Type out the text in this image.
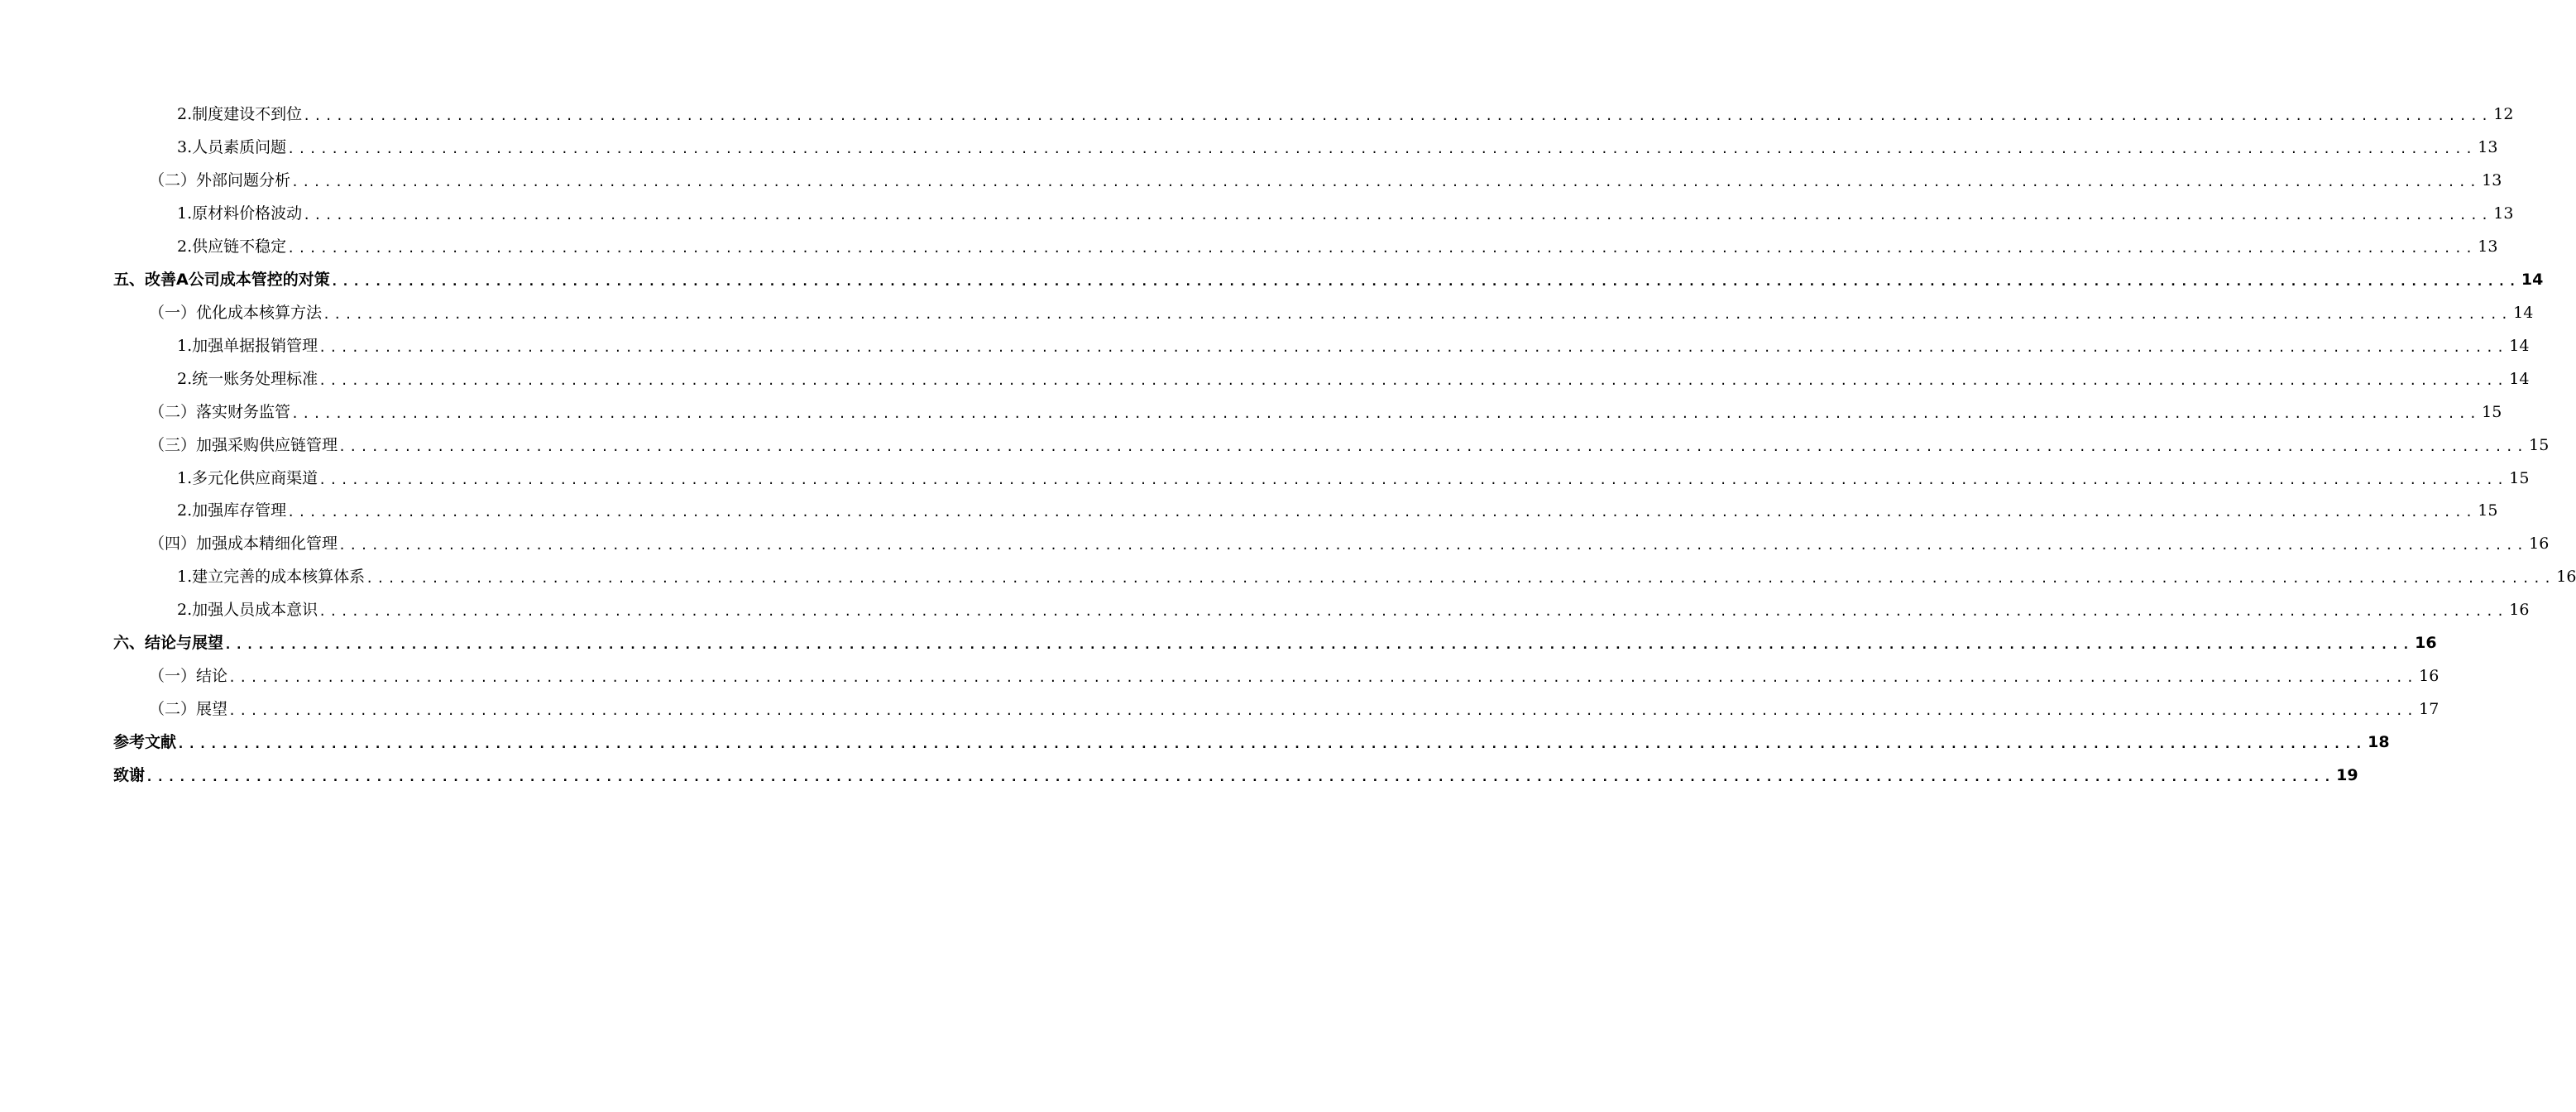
2.制度建设不到位 ........................................................................................................................................................................................................ 12
3.人员素质问题 ........................................................................................................................................................................................................ 13
（二）外部问题分析 ........................................................................................................................................................................................................ 13
1.原材料价格波动 ........................................................................................................................................................................................................ 13
2.供应链不稳定 ........................................................................................................................................................................................................ 13
五、改善A公司成本管控的对策 ........................................................................................................................................................................................................ 14
（一）优化成本核算方法 ........................................................................................................................................................................................................ 14
1.加强单据报销管理 ........................................................................................................................................................................................................ 14
2.统一账务处理标准 ........................................................................................................................................................................................................ 14
（二）落实财务监管 ........................................................................................................................................................................................................ 15
（三）加强采购供应链管理 ........................................................................................................................................................................................................ 15
1.多元化供应商渠道 ........................................................................................................................................................................................................ 15
2.加强库存管理 ........................................................................................................................................................................................................ 15
（四）加强成本精细化管理 ........................................................................................................................................................................................................ 16
1.建立完善的成本核算体系 ........................................................................................................................................................................................................ 16
2.加强人员成本意识 ........................................................................................................................................................................................................ 16
六、结论与展望 ........................................................................................................................................................................................................ 16
（一）结论 ........................................................................................................................................................................................................ 16
（二）展望 ........................................................................................................................................................................................................ 17
参考文献 ........................................................................................................................................................................................................ 18
致谢 ........................................................................................................................................................................................................ 19
